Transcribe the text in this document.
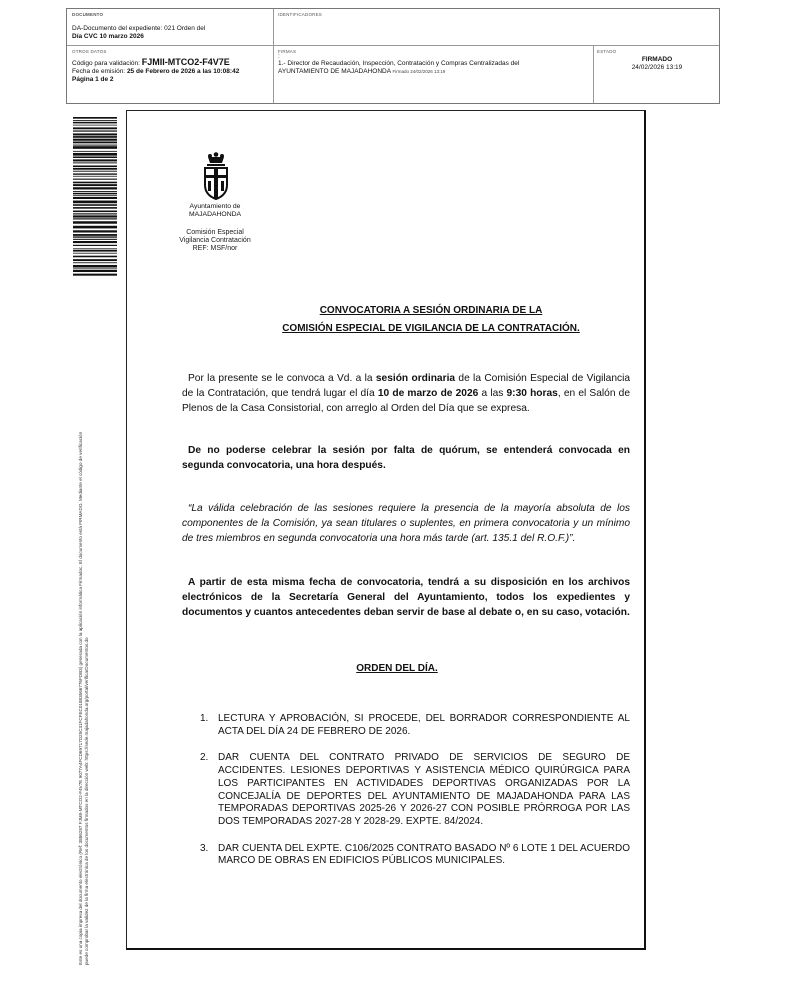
DOCUMENTO
DA-Documento del expediente: 021 Orden del
Día CVC 10 marzo 2026
IDENTIFICADORES
OTROS DATOS
Código para validación: FJMII-MTCO2-F4V7E
Fecha de emisión: 25 de Febrero de 2026 a las 10:08:42
Página 1 de 2
FIRMAS
:
1.- Director de Recaudación, Inspección, Contratación y Compras Centralizadas del
AYUNTAMIENTO DE MAJADAHONDA Firmado 24/02/2026 13:19
ESTADO
FIRMADO
24/02/2026 13:19
Este es una copia impresa del documento electrónico (Ref: 3886287 FJMII-MTCO2-F4V7E 9077A4FCD69717D25C31FCFEC01883566776FDB3) generada con la aplicación informática Firmadoc. El documento está FIRMADO. Mediante el código de verificación puede comprobar la validez de la firma electrónica de los documentos firmados en la dirección web: https://sede.majadahonda.org/portal/verificarDocumentos.do
Ayuntamiento de
MAJADAHONDA
Comisión Especial
Vigilancia Contratación
REF: MSF/nor
CONVOCATORIA A SESIÓN ORDINARIA DE LA
COMISIÓN ESPECIAL DE VIGILANCIA DE LA CONTRATACIÓN.
Por la presente se le convoca a Vd. a la sesión ordinaria de la Comisión Especial de Vigilancia de la Contratación, que tendrá lugar el día 10 de marzo de 2026 a las 9:30 horas, en el Salón de Plenos de la Casa Consistorial, con arreglo al Orden del Día que se expresa.
De no poderse celebrar la sesión por falta de quórum, se entenderá convocada en segunda convocatoria, una hora después.
“La válida celebración de las sesiones requiere la presencia de la mayoría absoluta de los componentes de la Comisión, ya sean titulares o suplentes, en primera convocatoria y un mínimo de tres miembros en segunda convocatoria una hora más tarde (art. 135.1 del R.O.F.)”.
A partir de esta misma fecha de convocatoria, tendrá a su disposición en los archivos electrónicos de la Secretaría General del Ayuntamiento, todos los expedientes y documentos y cuantos antecedentes deban servir de base al debate o, en su caso, votación.
ORDEN DEL DÍA.
1. LECTURA Y APROBACIÓN, SI PROCEDE, DEL BORRADOR CORRESPONDIENTE AL ACTA DEL DÍA 24 DE FEBRERO DE 2026.
2. DAR CUENTA DEL CONTRATO PRIVADO DE SERVICIOS DE SEGURO DE ACCIDENTES. LESIONES DEPORTIVAS Y ASISTENCIA MÉDICO QUIRÚRGICA PARA LOS PARTICIPANTES EN ACTIVIDADES DEPORTIVAS ORGANIZADAS POR LA CONCEJALÍA DE DEPORTES DEL AYUNTAMIENTO DE MAJADAHONDA PARA LAS TEMPORADAS DEPORTIVAS 2025-26 Y 2026-27 CON POSIBLE PRÓRROGA POR LAS DOS TEMPORADAS 2027-28 Y 2028-29. EXPTE. 84/2024.
3. DAR CUENTA DEL EXPTE. C106/2025 CONTRATO BASADO Nº 6 LOTE 1 DEL ACUERDO MARCO DE OBRAS EN EDIFICIOS PÚBLICOS MUNICIPALES.
